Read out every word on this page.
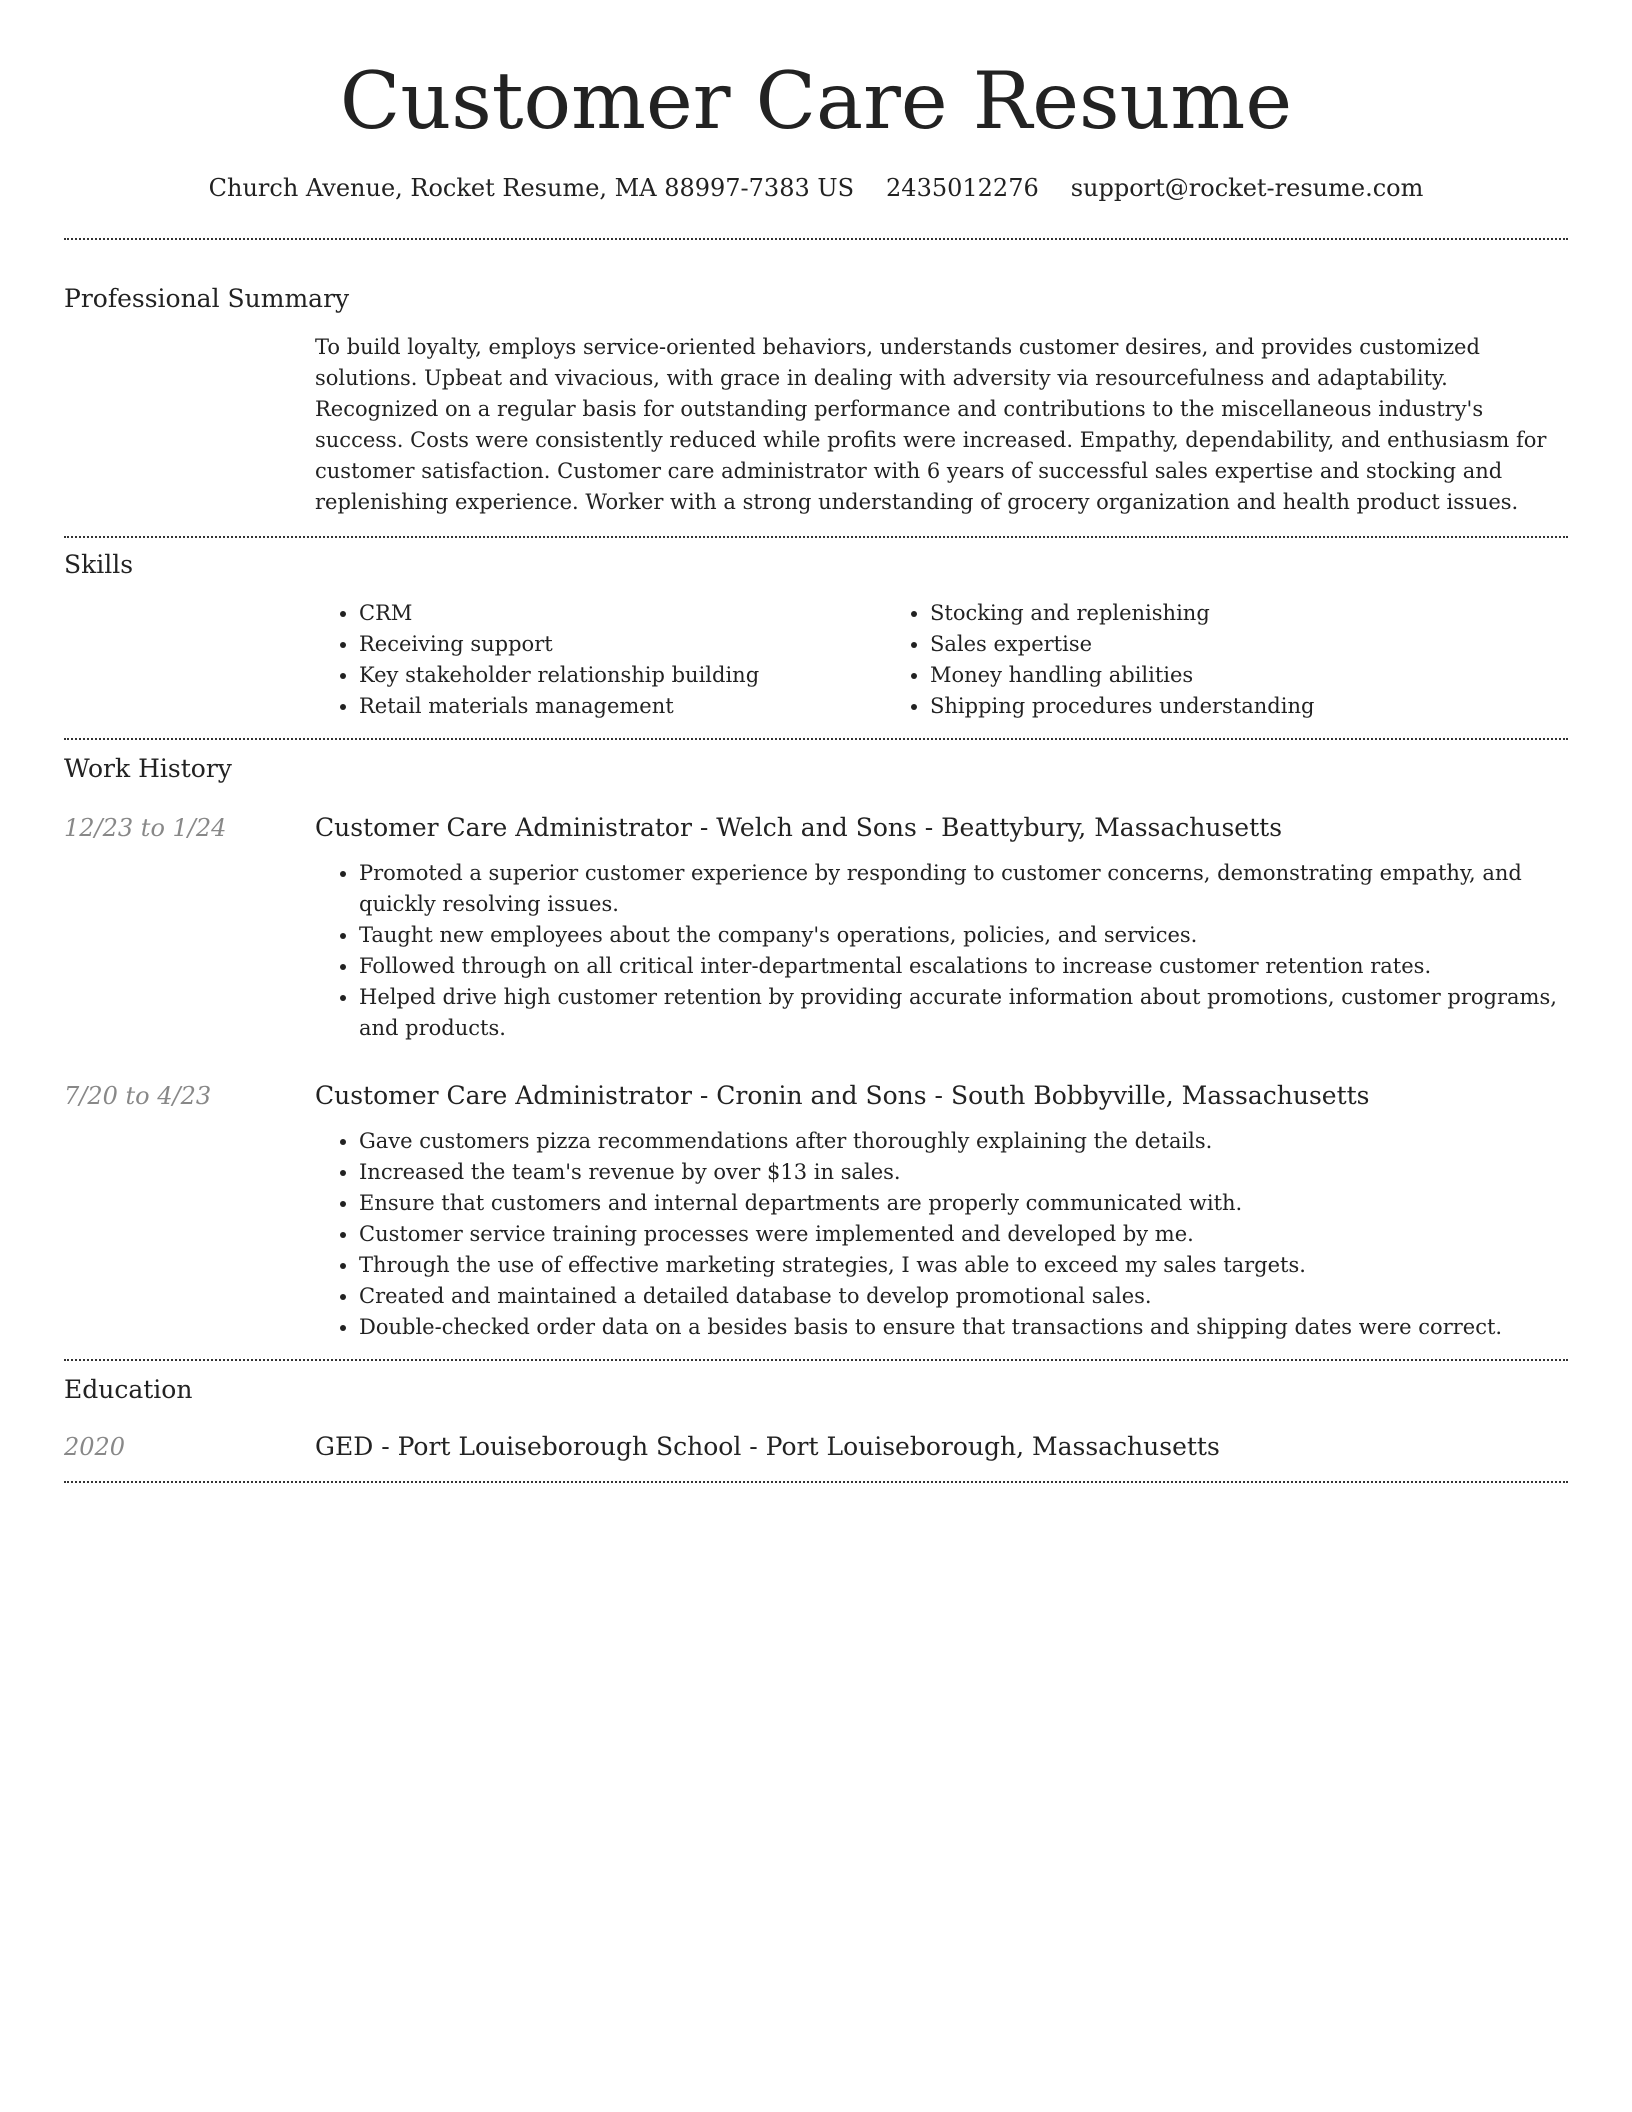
Customer Care Resume
Church Avenue, Rocket Resume, MA 88997-7383 US 2435012276 support@rocket-resume.com
Professional Summary
To build loyalty, employs service-oriented behaviors, understands customer desires, and provides customized solutions. Upbeat and vivacious, with grace in dealing with adversity via resourcefulness and adaptability. Recognized on a regular basis for outstanding performance and contributions to the miscellaneous industry's success. Costs were consistently reduced while profits were increased. Empathy, dependability, and enthusiasm for customer satisfaction. Customer care administrator with 6 years of successful sales expertise and stocking and replenishing experience. Worker with a strong understanding of grocery organization and health product issues.
Skills
• CRM
• Receiving support
• Key stakeholder relationship building
• Retail materials management
• Stocking and replenishing
• Sales expertise
• Money handling abilities
• Shipping procedures understanding
Work History
12/23 to 1/24	Customer Care Administrator - Welch and Sons - Beattybury, Massachusetts
• Promoted a superior customer experience by responding to customer concerns, demonstrating empathy, and quickly resolving issues.
• Taught new employees about the company's operations, policies, and services.
• Followed through on all critical inter-departmental escalations to increase customer retention rates.
• Helped drive high customer retention by providing accurate information about promotions, customer programs, and products.
7/20 to 4/23	Customer Care Administrator - Cronin and Sons - South Bobbyville, Massachusetts
• Gave customers pizza recommendations after thoroughly explaining the details.
• Increased the team's revenue by over $13 in sales.
• Ensure that customers and internal departments are properly communicated with.
• Customer service training processes were implemented and developed by me.
• Through the use of effective marketing strategies, I was able to exceed my sales targets.
• Created and maintained a detailed database to develop promotional sales.
• Double-checked order data on a besides basis to ensure that transactions and shipping dates were correct.
Education
2020	GED - Port Louiseborough School - Port Louiseborough, Massachusetts
